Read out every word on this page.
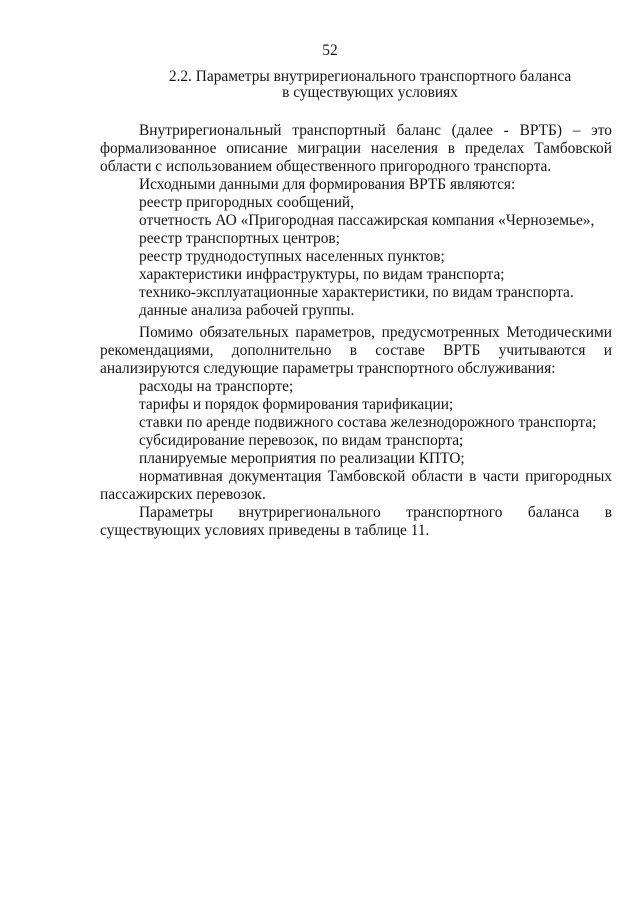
52
2.2. Параметры внутрирегионального транспортного баланса
в существующих условиях
Внутрирегиональный транспортный баланс (далее - ВРТБ) – это
формализованное описание миграции населения в пределах Тамбовской
области с использованием общественного пригородного транспорта.
Исходными данными для формирования ВРТБ являются:
реестр пригородных сообщений,
отчетность АО «Пригородная пассажирская компания «Черноземье»,
реестр транспортных центров;
реестр труднодоступных населенных пунктов;
характеристики инфраструктуры, по видам транспорта;
технико-эксплуатационные характеристики, по видам транспорта.
данные анализа рабочей группы.
Помимо обязательных параметров, предусмотренных Методическими
рекомендациями, дополнительно в составе ВРТБ учитываются и
анализируются следующие параметры транспортного обслуживания:
расходы на транспорте;
тарифы и порядок формирования тарификации;
ставки по аренде подвижного состава железнодорожного транспорта;
субсидирование перевозок, по видам транспорта;
планируемые мероприятия по реализации КПТО;
нормативная документация Тамбовской области в части пригородных
пассажирских перевозок.
Параметры внутрирегионального транспортного баланса в
существующих условиях приведены в таблице 11.
